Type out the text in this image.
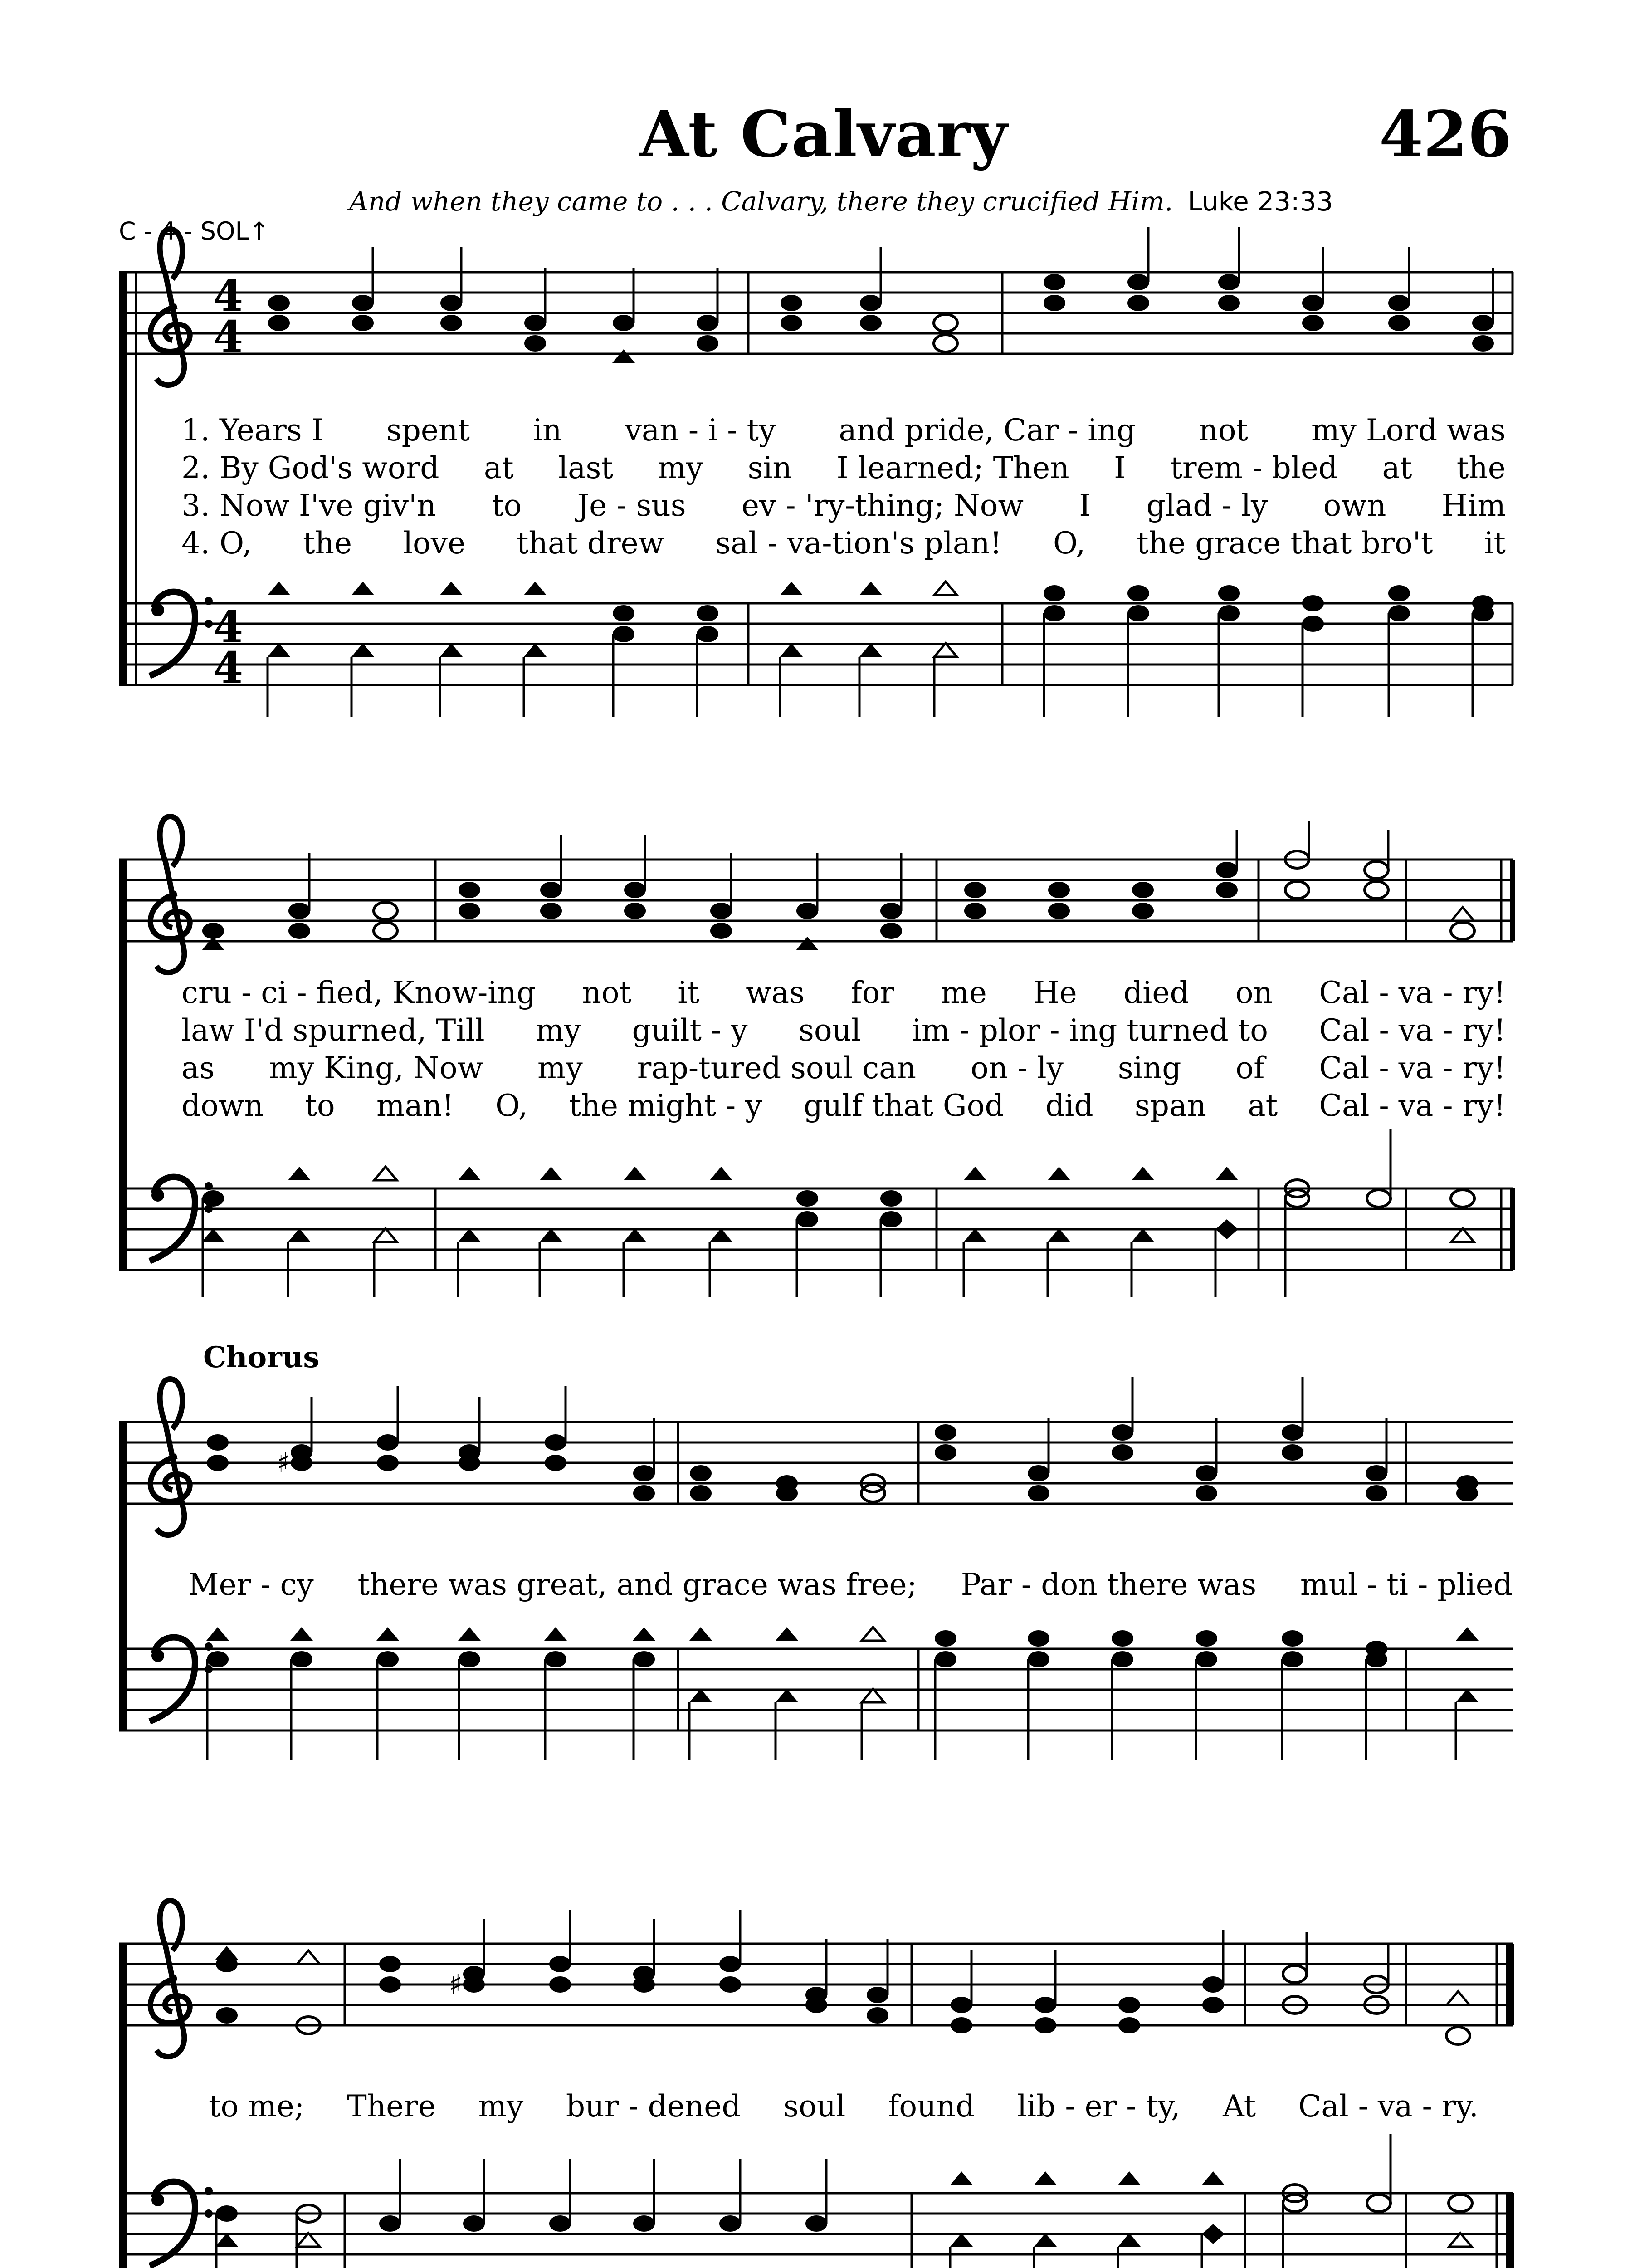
At Calvary	426
And when they came to . . . Calvary, there they crucified Him. Luke 23:33
C - 4 - SOL↑
Chorus
4
4
4
4
♯
♯
1. Years I spent in van - i - ty and pride, Car - ing not my Lord was
2. By God's word at last my sin I learned; Then I trem - bled at the
3. Now I've giv'n to Je - sus ev - 'ry-thing; Now I glad - ly own Him
4. O, the love that drew sal - va-tion's plan! O, the grace that bro't it
cru - ci - fied, Know-ing not it was for me He died on Cal - va - ry!
law I'd spurned, Till my guilt - y soul im - plor - ing turned to Cal - va - ry!
as my King, Now my rap-tured soul can on - ly sing of Cal - va - ry!
down to man! O, the might - y gulf that God did span at Cal - va - ry!
Mer - cy there was great, and grace was free; Par - don there was mul - ti - plied
to me; There my bur - dened soul found lib - er - ty, At Cal - va - ry.
